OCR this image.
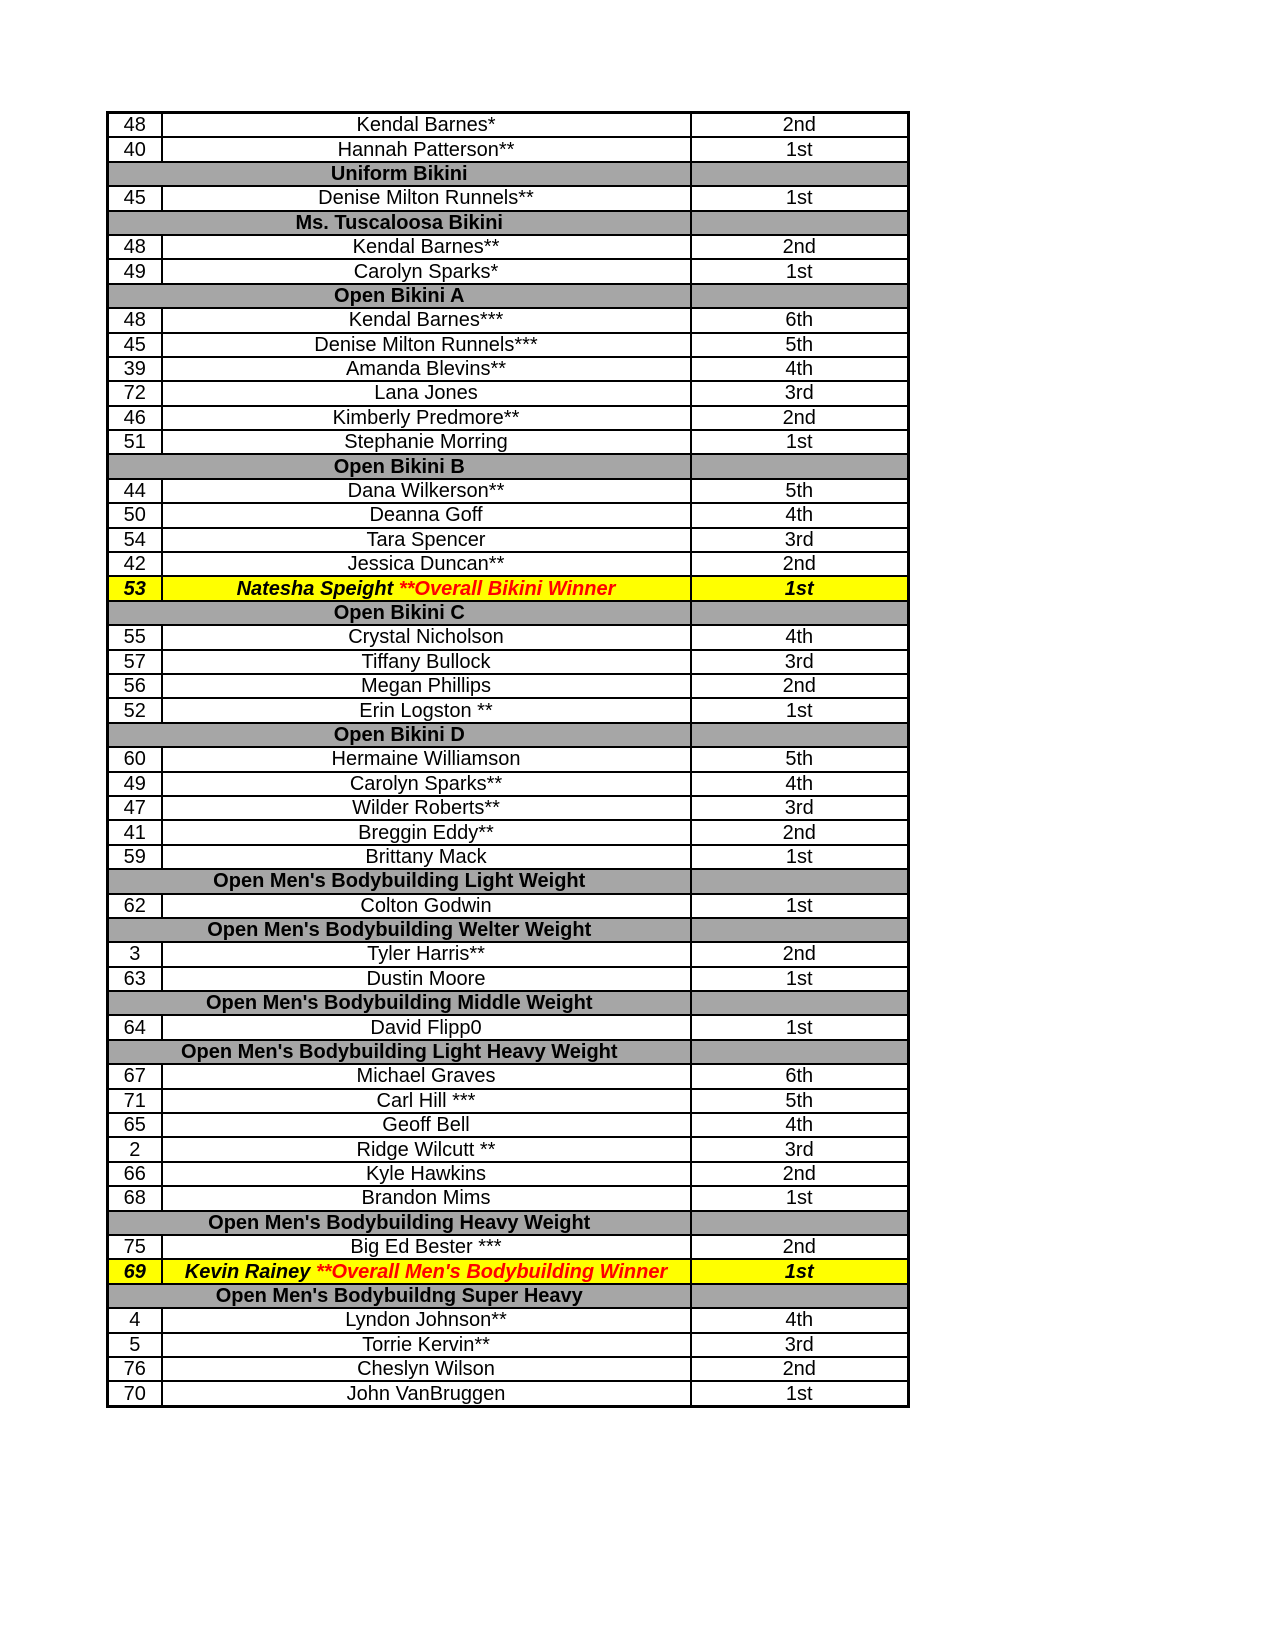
48	Kendal Barnes*	2nd
40	Hannah Patterson**	1st
Uniform Bikini		
45	Denise Milton Runnels**	1st
Ms. Tuscaloosa Bikini		
48	Kendal Barnes**	2nd
49	Carolyn Sparks*	1st
Open Bikini A		
48	Kendal Barnes***	6th
45	Denise Milton Runnels***	5th
39	Amanda Blevins**	4th
72	Lana Jones	3rd
46	Kimberly Predmore**	2nd
51	Stephanie Morring	1st
Open Bikini B		
44	Dana Wilkerson**	5th
50	Deanna Goff	4th
54	Tara Spencer	3rd
42	Jessica Duncan**	2nd
53	Natesha Speight **Overall Bikini Winner	1st
Open Bikini C		
55	Crystal Nicholson	4th
57	Tiffany Bullock	3rd
56	Megan Phillips	2nd
52	Erin Logston **	1st
Open Bikini D		
60	Hermaine Williamson	5th
49	Carolyn Sparks**	4th
47	Wilder Roberts**	3rd
41	Breggin Eddy**	2nd
59	Brittany Mack	1st
Open Men's Bodybuilding Light Weight		
62	Colton Godwin	1st
Open Men's Bodybuilding Welter Weight		
3	Tyler Harris**	2nd
63	Dustin Moore	1st
Open Men's Bodybuilding Middle Weight		
64	David Flipp0	1st
Open Men's Bodybuilding Light Heavy Weight		
67	Michael Graves	6th
71	Carl Hill ***	5th
65	Geoff Bell	4th
2	Ridge Wilcutt **	3rd
66	Kyle Hawkins	2nd
68	Brandon Mims	1st
Open Men's Bodybuilding Heavy Weight		
75	Big Ed Bester ***	2nd
69	Kevin Rainey **Overall Men's Bodybuilding Winner	1st
Open Men's Bodybuildng Super Heavy		
4	Lyndon Johnson**	4th
5	Torrie Kervin**	3rd
76	Cheslyn Wilson	2nd
70	John VanBruggen	1st
